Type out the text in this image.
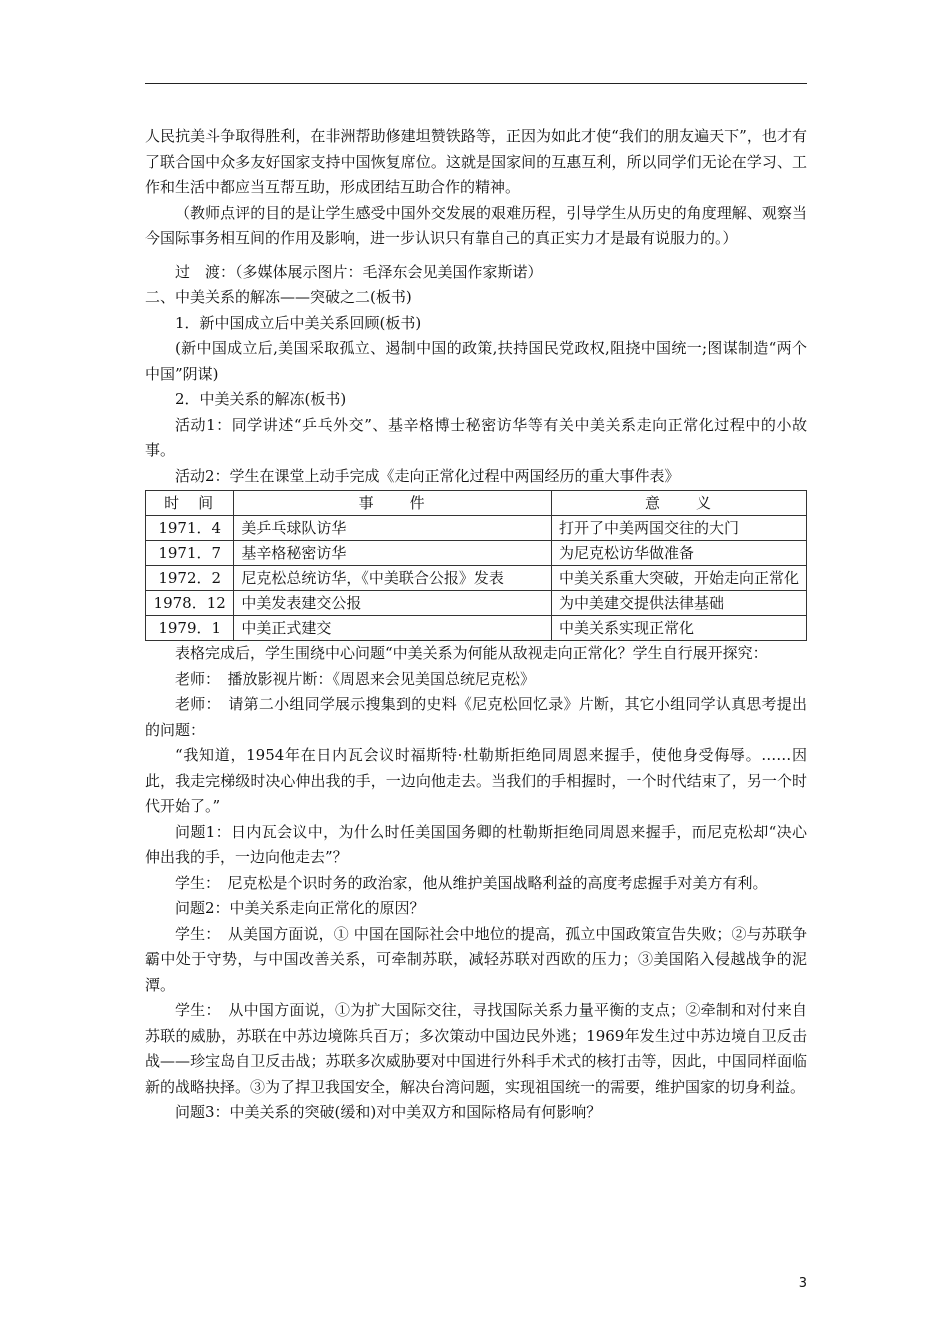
人民抗美斗争取得胜利，在非洲帮助修建坦赞铁路等，正因为如此才使“我们的朋友遍天下”，也才有了联合国中众多友好国家支持中国恢复席位。这就是国家间的互惠互利，所以同学们无论在学习、工作和生活中都应当互帮互助，形成团结互助合作的精神。

（教师点评的目的是让学生感受中国外交发展的艰难历程，引导学生从历史的角度理解、观察当今国际事务相互间的作用及影响，进一步认识只有靠自己的真正实力才是最有说服力的。）

过　渡：（多媒体展示图片：毛泽东会见美国作家斯诺）

二、中美关系的解冻——突破之二(板书)

1．新中国成立后中美关系回顾(板书)

(新中国成立后,美国采取孤立、遏制中国的政策,扶持国民党政权,阻挠中国统一;图谋制造“两个中国”阴谋)

2．中美关系的解冻(板书)

活动1：同学讲述“乒乓外交”、基辛格博士秘密访华等有关中美关系走向正常化过程中的小故事。

活动2：学生在课堂上动手完成《走向正常化过程中两国经历的重大事件表》

时　间	事　　件	意　　义
1971．4	美乒乓球队访华	打开了中美两国交往的大门
1971．7	基辛格秘密访华	为尼克松访华做准备
1972．2	尼克松总统访华，《中美联合公报》发表	中美关系重大突破，开始走向正常化
1978．12	中美发表建交公报	为中美建交提供法律基础
1979．1	中美正式建交	中美关系实现正常化

表格完成后，学生围绕中心问题“中美关系为何能从敌视走向正常化？学生自行展开探究：

老师：　播放影视片断：《周恩来会见美国总统尼克松》

老师：　请第二小组同学展示搜集到的史料《尼克松回忆录》片断，其它小组同学认真思考提出的问题：

“我知道，1954年在日内瓦会议时福斯特·杜勒斯拒绝同周恩来握手，使他身受侮辱。……因此，我走完梯级时决心伸出我的手，一边向他走去。当我们的手相握时，一个时代结束了，另一个时代开始了。”

问题1：日内瓦会议中，为什么时任美国国务卿的杜勒斯拒绝同周恩来握手，而尼克松却“决心伸出我的手，一边向他走去”？

学生：　尼克松是个识时务的政治家，他从维护美国战略利益的高度考虑握手对美方有利。

问题2：中美关系走向正常化的原因？

学生：　从美国方面说，① 中国在国际社会中地位的提高，孤立中国政策宣告失败；②与苏联争霸中处于守势，与中国改善关系，可牵制苏联，减轻苏联对西欧的压力；③美国陷入侵越战争的泥潭。

学生：　从中国方面说，①为扩大国际交往，寻找国际关系力量平衡的支点；②牵制和对付来自苏联的威胁，苏联在中苏边境陈兵百万；多次策动中国边民外逃；1969年发生过中苏边境自卫反击战——珍宝岛自卫反击战；苏联多次威胁要对中国进行外科手术式的核打击等，因此，中国同样面临新的战略抉择。③为了捍卫我国安全，解决台湾问题，实现祖国统一的需要，维护国家的切身利益。

问题3：中美关系的突破(缓和)对中美双方和国际格局有何影响？

3
